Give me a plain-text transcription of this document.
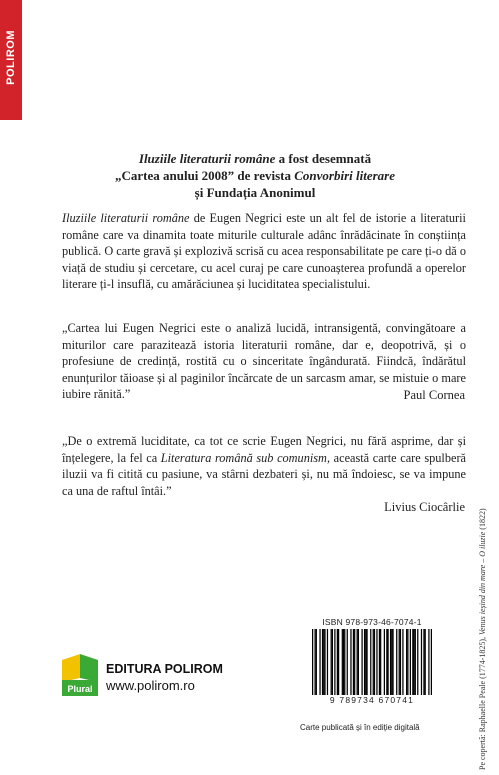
POLIROM
Iluziile literaturii române a fost desemnată
„Cartea anului 2008” de revista Convorbiri literare
și Fundația Anonimul
Iluziile literaturii române de Eugen Negrici este un alt fel de istorie a literaturii române care va dinamita toate miturile culturale adânc înrădăcinate în conștiința publică. O carte gravă și explozivă scrisă cu acea responsabilitate pe care ți-o dă o viață de studiu și cercetare, cu acel curaj pe care cunoașterea profundă a operelor literare ți-l insuflă, cu amărăciunea și luciditatea specialistului.
„Cartea lui Eugen Negrici este o analiză lucidă, intransigentă, convingătoare a miturilor care parazitează istoria literaturii române, dar e, deopotrivă, și o profesiune de credință, rostită cu o sinceritate îngândurată. Fiindcă, îndărătul enunțurilor tăioase și al paginilor încărcate de un sarcasm amar, se mistuie o mare iubire rănită.”	Paul Cornea
„De o extremă luciditate, ca tot ce scrie Eugen Negrici, nu fără asprime, dar și înțelegere, la fel ca Literatura română sub comunism, această carte care spulberă iluzii va fi citită cu pasiune, va stârni dezbateri și, nu mă îndoiesc, se va impune ca una de raftul întâi.”
Livius Ciocârlie
Plural
EDITURA POLIROM
www.polirom.ro
ISBN 978-973-46-7074-1
9 789734 670741
Carte publicată și în ediție digitală	Pe copertă: Raphaelle Peale (1774-1825), Venus ieșind din mare – O iluzie (1822)
